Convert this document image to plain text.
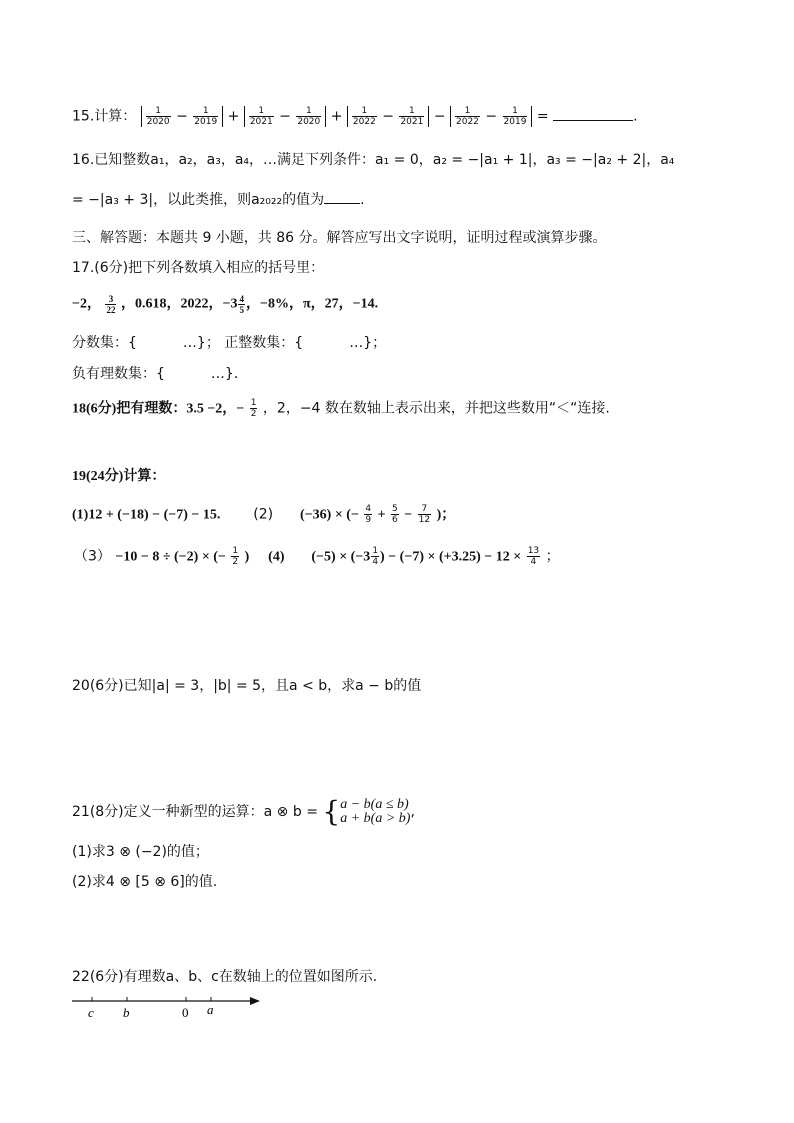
15.计算： $\frac{1}{2020} - \frac{1}{2019} + \frac{1}{2021} - \frac{1}{2020} + \frac{1}{2022} - \frac{1}{2021} - \frac{1}{2022} - \frac{1}{2019}$ =	.
16.已知整数a₁，a₂，a₃，a₄，…满足下列条件：a₁ = 0，a₂ = −|a₁ + 1|，a₃ = −|a₂ + 2|，a₄
= −|a₃ + 3|，以此类推，则a₂₀₂₂的值为	.
三、解答题：本题共 9 小题，共 86 分。解答应写出文字说明，证明过程或演算步骤。
17.(6分)把下列各数填入相应的括号里：
−2， $\frac{3}{22}$ ，0.618，2022，$-3 \frac{4}{5}$ ，−8%，π，27，−14.
分数集：{	…}； 正整数集：{	…}；
负有理数集：{	…}.
18(6分)把有理数：3.5 −2，− $\frac{1}{2}$ ，2，−4 数在数轴上表示出来，并把这些数用“＜“连接.
19(24分)计算：
(1)12 + (−18) − (−7) − 15. (2) (−36) × (− $\frac{4}{9} + \frac{5}{6} - \frac{7}{12}$ )；
（3） −10 − 8 ÷ (−2) × (− $\frac{1}{2}$ ) (4) $(-5) \times (-3 \frac{1}{4}$ ) − $(-7) \times (+3.25) - 12 \times \frac{13}{4}$ ；
20(6分)已知|a| = 3，|b| = 5，且a < b，求a − b的值
21(8分)定义一种新型的运算：a ⊗ b = { a − b(a ≤ b)
a + b(a > b) ,
(1)求3 ⊗ (−2)的值；
(2)求4 ⊗ [5 ⊗ 6]的值.
22(6分)有理数a、b、c在数轴上的位置如图所示.
c b	0 a
